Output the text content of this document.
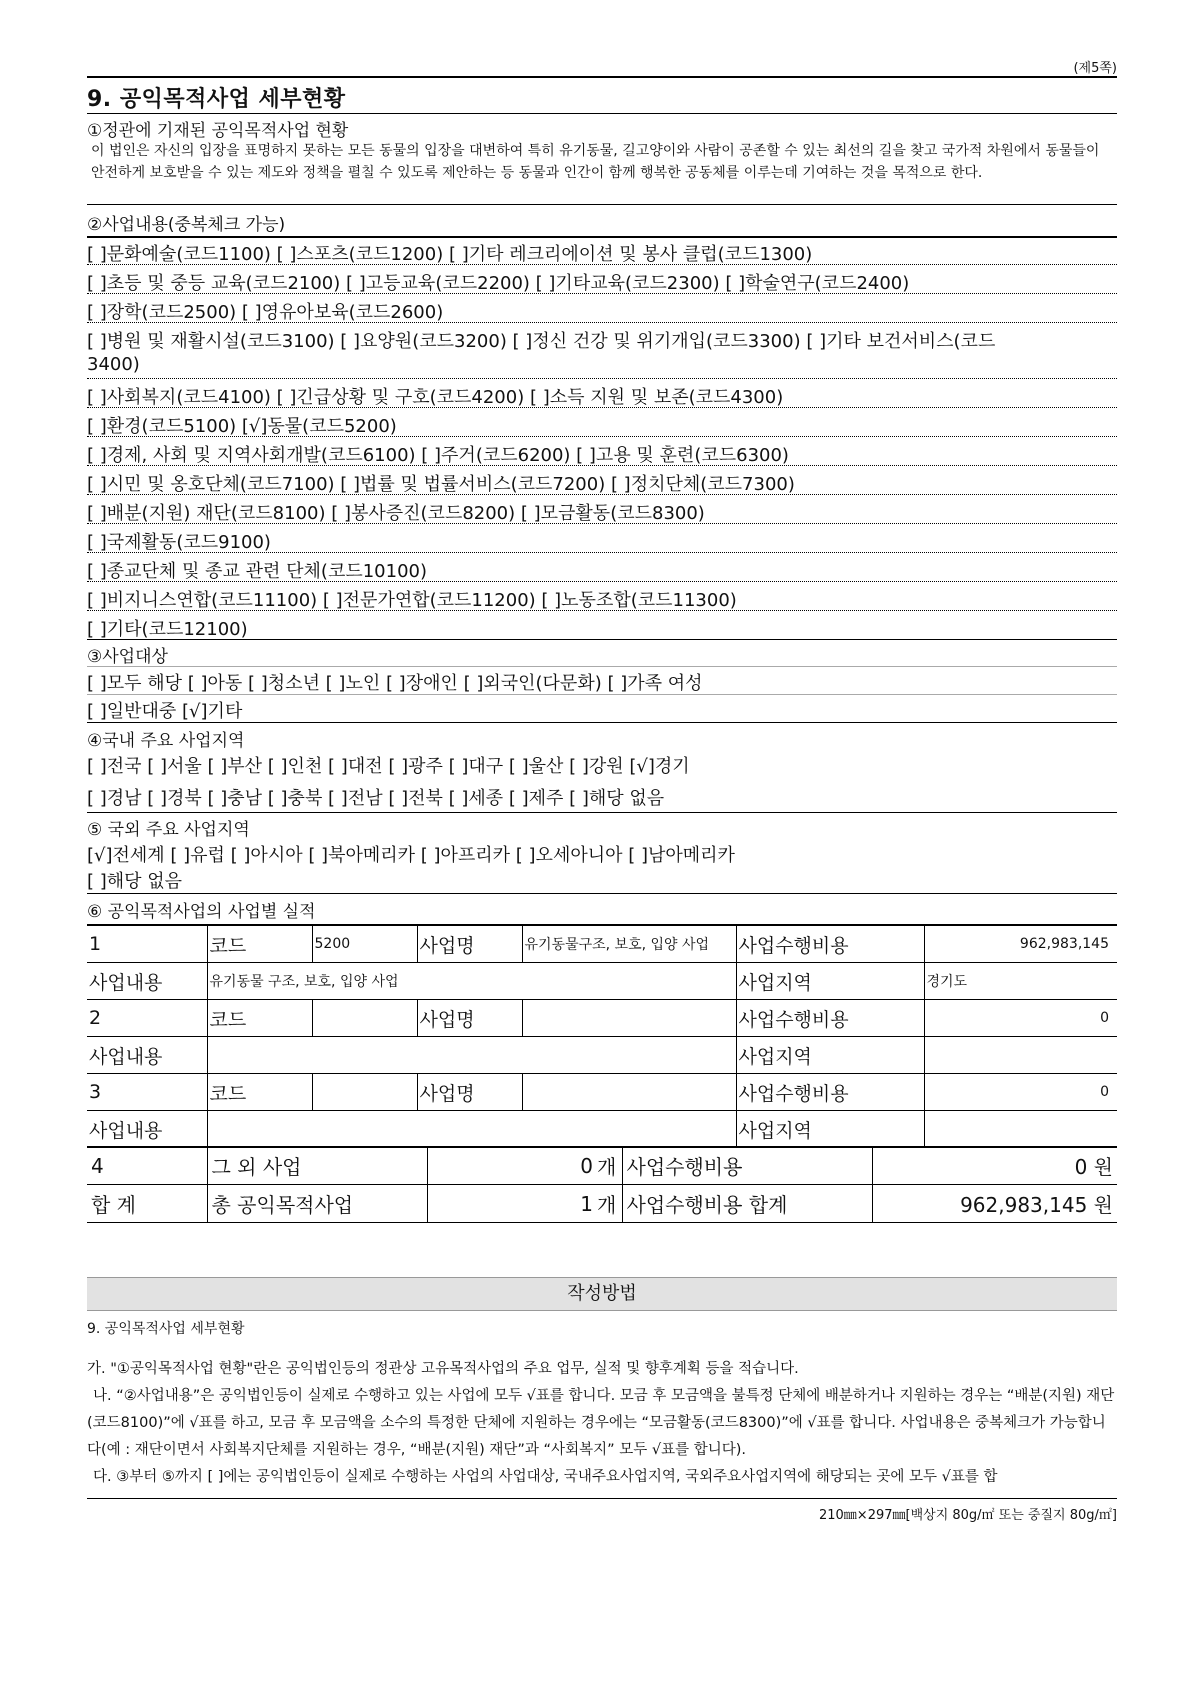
(제5쪽)
9. 공익목적사업 세부현황
①정관에 기재된 공익목적사업 현황
이 법인은 자신의 입장을 표명하지 못하는 모든 동물의 입장을 대변하여 특히 유기동물, 길고양이와 사람이 공존할 수 있는 최선의 길을 찾고 국가적 차원에서 동물들이 안전하게 보호받을 수 있는 제도와 정책을 펼칠 수 있도록 제안하는 등 동물과 인간이 함께 행복한 공동체를 이루는데 기여하는 것을 목적으로 한다.
②사업내용(중복체크 가능)
[ ]문화예술(코드1100) [ ]스포츠(코드1200) [ ]기타 레크리에이션 및 봉사 클럽(코드1300)
[ ]초등 및 중등 교육(코드2100) [ ]고등교육(코드2200) [ ]기타교육(코드2300) [ ]학술연구(코드2400)
[ ]장학(코드2500) [ ]영유아보육(코드2600)
[ ]병원 및 재활시설(코드3100) [ ]요양원(코드3200) [ ]정신 건강 및 위기개입(코드3300) [ ]기타 보건서비스(코드
3400)
[ ]사회복지(코드4100) [ ]긴급상황 및 구호(코드4200) [ ]소득 지원 및 보존(코드4300)
[ ]환경(코드5100) [√]동물(코드5200)
[ ]경제, 사회 및 지역사회개발(코드6100) [ ]주거(코드6200) [ ]고용 및 훈련(코드6300)
[ ]시민 및 옹호단체(코드7100) [ ]법률 및 법률서비스(코드7200) [ ]정치단체(코드7300)
[ ]배분(지원) 재단(코드8100) [ ]봉사증진(코드8200) [ ]모금활동(코드8300)
[ ]국제활동(코드9100)
[ ]종교단체 및 종교 관련 단체(코드10100)
[ ]비지니스연합(코드11100) [ ]전문가연합(코드11200) [ ]노동조합(코드11300)
[ ]기타(코드12100)
③사업대상
[ ]모두 해당 [ ]아동 [ ]청소년 [ ]노인 [ ]장애인 [ ]외국인(다문화) [ ]가족 여성
[ ]일반대중 [√]기타
④국내 주요 사업지역
[ ]전국 [ ]서울 [ ]부산 [ ]인천 [ ]대전 [ ]광주 [ ]대구 [ ]울산 [ ]강원 [√]경기
[ ]경남 [ ]경북 [ ]충남 [ ]충북 [ ]전남 [ ]전북 [ ]세종 [ ]제주 [ ]해당 없음
⑤ 국외 주요 사업지역
[√]전세계 [ ]유럽 [ ]아시아 [ ]북아메리카 [ ]아프리카 [ ]오세아니아 [ ]남아메리카
[ ]해당 없음
⑥ 공익목적사업의 사업별 실적
1	코드	5200	사업명	유기동물구조, 보호, 입양 사업	사업수행비용	962,983,145
사업내용	유기동물 구조, 보호, 입양 사업				사업지역	경기도
2	코드		사업명		사업수행비용	0
사업내용					사업지역	
3	코드		사업명		사업수행비용	0
사업내용					사업지역	
4	그 외 사업	0	개	사업수행비용	0 원
합 계	총 공익목적사업	1	개	사업수행비용 합계	962,983,145 원
작성방법
9. 공익목적사업 세부현황
가. "①공익목적사업 현황"란은 공익법인등의 정관상 고유목적사업의 주요 업무, 실적 및 향후계획 등을 적습니다.
나. “②사업내용”은 공익법인등이 실제로 수행하고 있는 사업에 모두 √표를 합니다. 모금 후 모금액을 불특정 단체에 배분하거나 지원하는 경우는 “배분(지원) 재단(코드8100)”에 √표를 하고, 모금 후 모금액을 소수의 특정한 단체에 지원하는 경우에는 “모금활동(코드8300)”에 √표를 합니다. 사업내용은 중복체크가 가능합니다(예 : 재단이면서 사회복지단체를 지원하는 경우, “배분(지원) 재단”과 “사회복지” 모두 √표를 합니다).
다. ③부터 ⑤까지 [ ]에는 공익법인등이 실제로 수행하는 사업의 사업대상, 국내주요사업지역, 국외주요사업지역에 해당되는 곳에 모두 √표를 합
210㎜×297㎜[백상지 80g/㎡ 또는 중질지 80g/㎡]
